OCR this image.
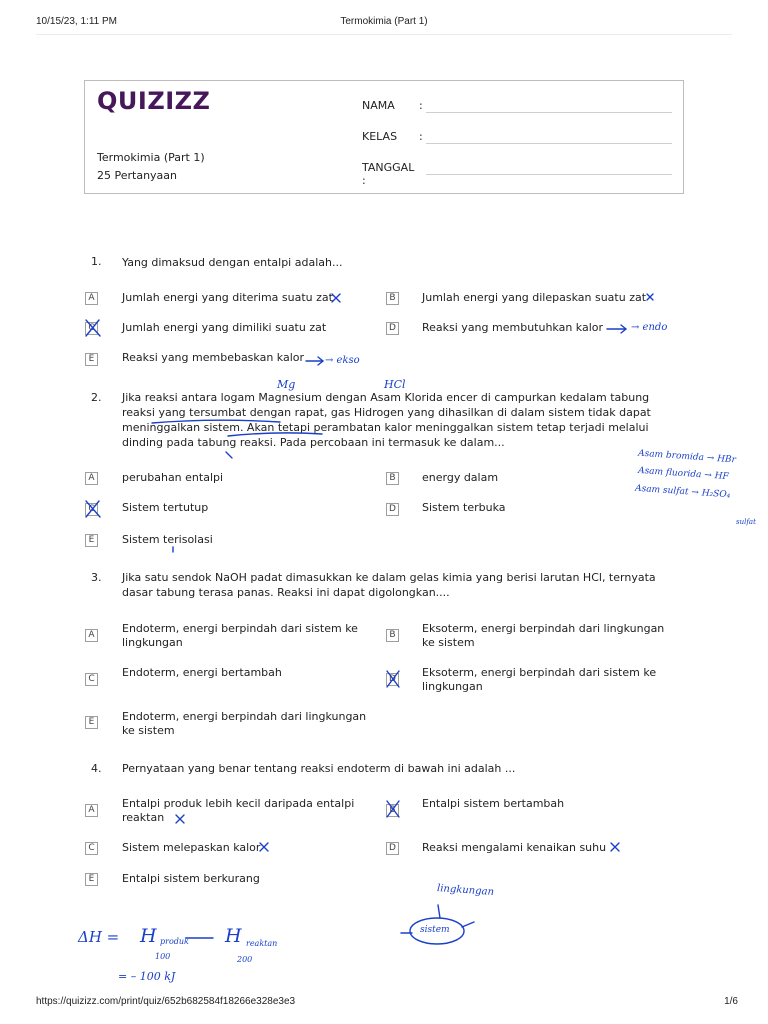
10/15/23, 1:11 PM	Termokimia (Part 1)
QUIZIZZ
Termokimia (Part 1)
25 Pertanyaan
NAMA :
KELAS :
TANGGAL :
1. Yang dimaksud dengan entalpi adalah...
A	Jumlah energi yang diterima suatu zat	B	Jumlah energi yang dilepaskan suatu zat
C	Jumlah energi yang dimiliki suatu zat	D Reaksi yang membutuhkan kalor
E	Reaksi yang membebaskan kalor
2. Jika reaksi antara logam Magnesium dengan Asam Klorida encer di campurkan kedalam tabung reaksi yang tersumbat dengan rapat, gas Hidrogen yang dihasilkan di dalam sistem tidak dapat meninggalkan sistem. Akan tetapi perambatan kalor meninggalkan sistem tetap terjadi melalui dinding pada tabung reaksi. Pada percobaan ini termasuk ke dalam...
A	perubahan entalpi	B	energy dalam
C	Sistem tertutup	D Sistem terbuka
E	Sistem terisolasi
3. Jika satu sendok NaOH padat dimasukkan ke dalam gelas kimia yang berisi larutan HCl, ternyata dasar tabung terasa panas. Reaksi ini dapat digolongkan....
A	Endoterm, energi berpindah dari sistem ke lingkungan
B	Eksoterm, energi berpindah dari lingkungan ke sistem
C	Endoterm, energi bertambah	D Eksoterm, energi berpindah dari sistem ke lingkungan
E	Endoterm, energi berpindah dari lingkungan ke sistem
4. Pernyataan yang benar tentang reaksi endoterm di bawah ini adalah ...
A	Entalpi produk lebih kecil daripada entalpi reaktan
B	Entalpi sistem bertambah
C	Sistem melepaskan kalor	D Reaksi mengalami kenaikan suhu
E	Entalpi sistem berkurang
→ endo
→ ekso
Mg	HCl
Asam bromida → HBr
Asam fluorida → HF
Asam sulfat → H₂SO₄
sulfat
lingkungan
sistem
ΔH = H produk H reaktan
100	200
= – 100 kJ
https://quizizz.com/print/quiz/652b682584f18266e328e3e3	1/6
